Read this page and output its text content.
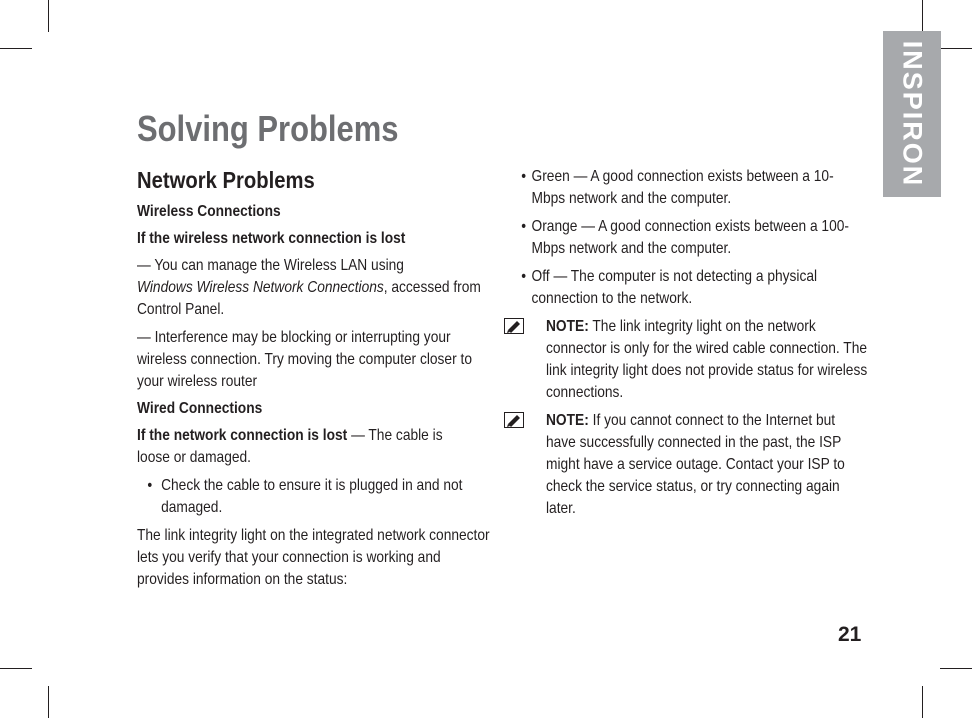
INSPIRON
Solving Problems
Network Problems
Wireless Connections
If the wireless network connection is lost

— You can manage the Wireless LAN using
Windows Wireless Network Connections, accessed from Control Panel.

— Interference may be blocking or interrupting your wireless connection. Try moving the computer closer to your wireless router

Wired Connections

If the network connection is lost — The cable is loose or damaged.

• Check the cable to ensure it is plugged in and not damaged.

The link integrity light on the integrated network connector lets you verify that your connection is working and provides information on the status:

• Green — A good connection exists between a 10-Mbps network and the computer.
• Orange — A good connection exists between a 100-Mbps network and the computer.
• Off — The computer is not detecting a physical connection to the network.
NOTE: The link integrity light on the network connector is only for the wired cable connection. The link integrity light does not provide status for wireless connections.
NOTE: If you cannot connect to the Internet but have successfully connected in the past, the ISP might have a service outage. Contact your ISP to check the service status, or try connecting again later.
21
